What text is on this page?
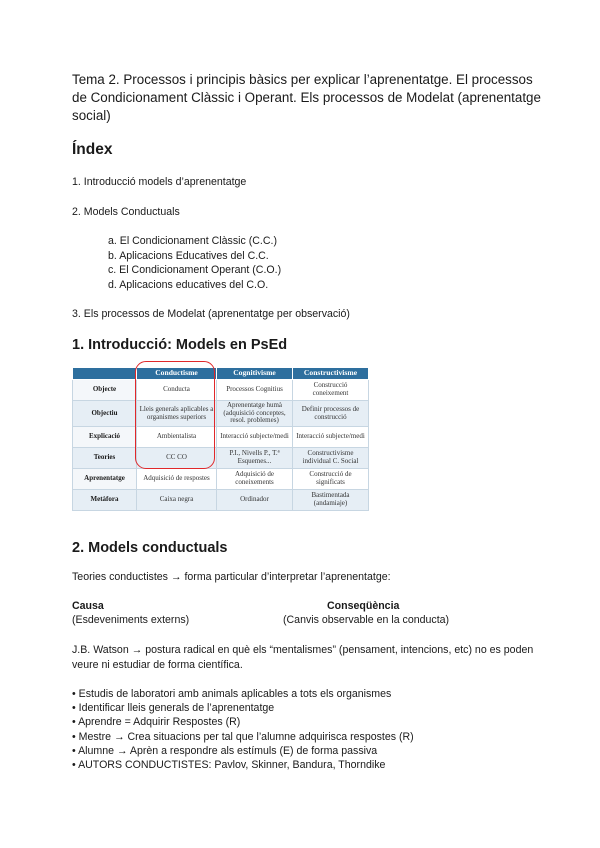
Tema 2. Processos i principis bàsics per explicar l’aprenentatge. El processos de Condicionament Clàssic i Operant. Els processos de Modelat (aprenentatge social)
Índex
1. Introducció models d’aprenentatge
2. Models Conductuals
a. El Condicionament Clàssic (C.C.)
b. Aplicacions Educatives del C.C.
c. El Condicionament Operant (C.O.)
d. Aplicacions educatives del C.O.
3. Els processos de Modelat (aprenentatge per observació)
1. Introducció: Models en PsEd
	Conductisme	Cognitivisme	Constructivisme
Objecte	Conducta	Processos Cognitius	Construcció coneixement
Objectiu	Lleis generals aplicables a organismes superiors	Aprenentatge humà (adquisició conceptes, resol. problemes)	Definir processos de construcció
Explicació	Ambientalista	Interacció subjecte/medi	Interacció subjecte/medi
Teories	CC CO	P.I., Nivells P., T.ª Esquemes...	Constructivisme individual C. Social
Aprenentatge	Adquisició de respostes	Adquisició de coneixements	Construcció de significats
Metàfora	Caixa negra	Ordinador	Bastimentada (andamiaje)
2. Models conductuals
Teories conductistes → forma particular d’interpretar l’aprenentatge:
Causa	Conseqüència
(Esdeveniments externs)	(Canvis observable en la conducta)
J.B. Watson → postura radical en què els “mentalismes” (pensament, intencions, etc) no es poden veure ni estudiar de forma científica.
• Estudis de laboratori amb animals aplicables a tots els organismes
• Identificar lleis generals de l’aprenentatge
• Aprendre = Adquirir Respostes (R)
• Mestre → Crea situacions per tal que l’alumne adquirisca respostes (R)
• Alumne → Aprèn a respondre als estímuls (E) de forma passiva
• AUTORS CONDUCTISTES: Pavlov, Skinner, Bandura, Thorndike
